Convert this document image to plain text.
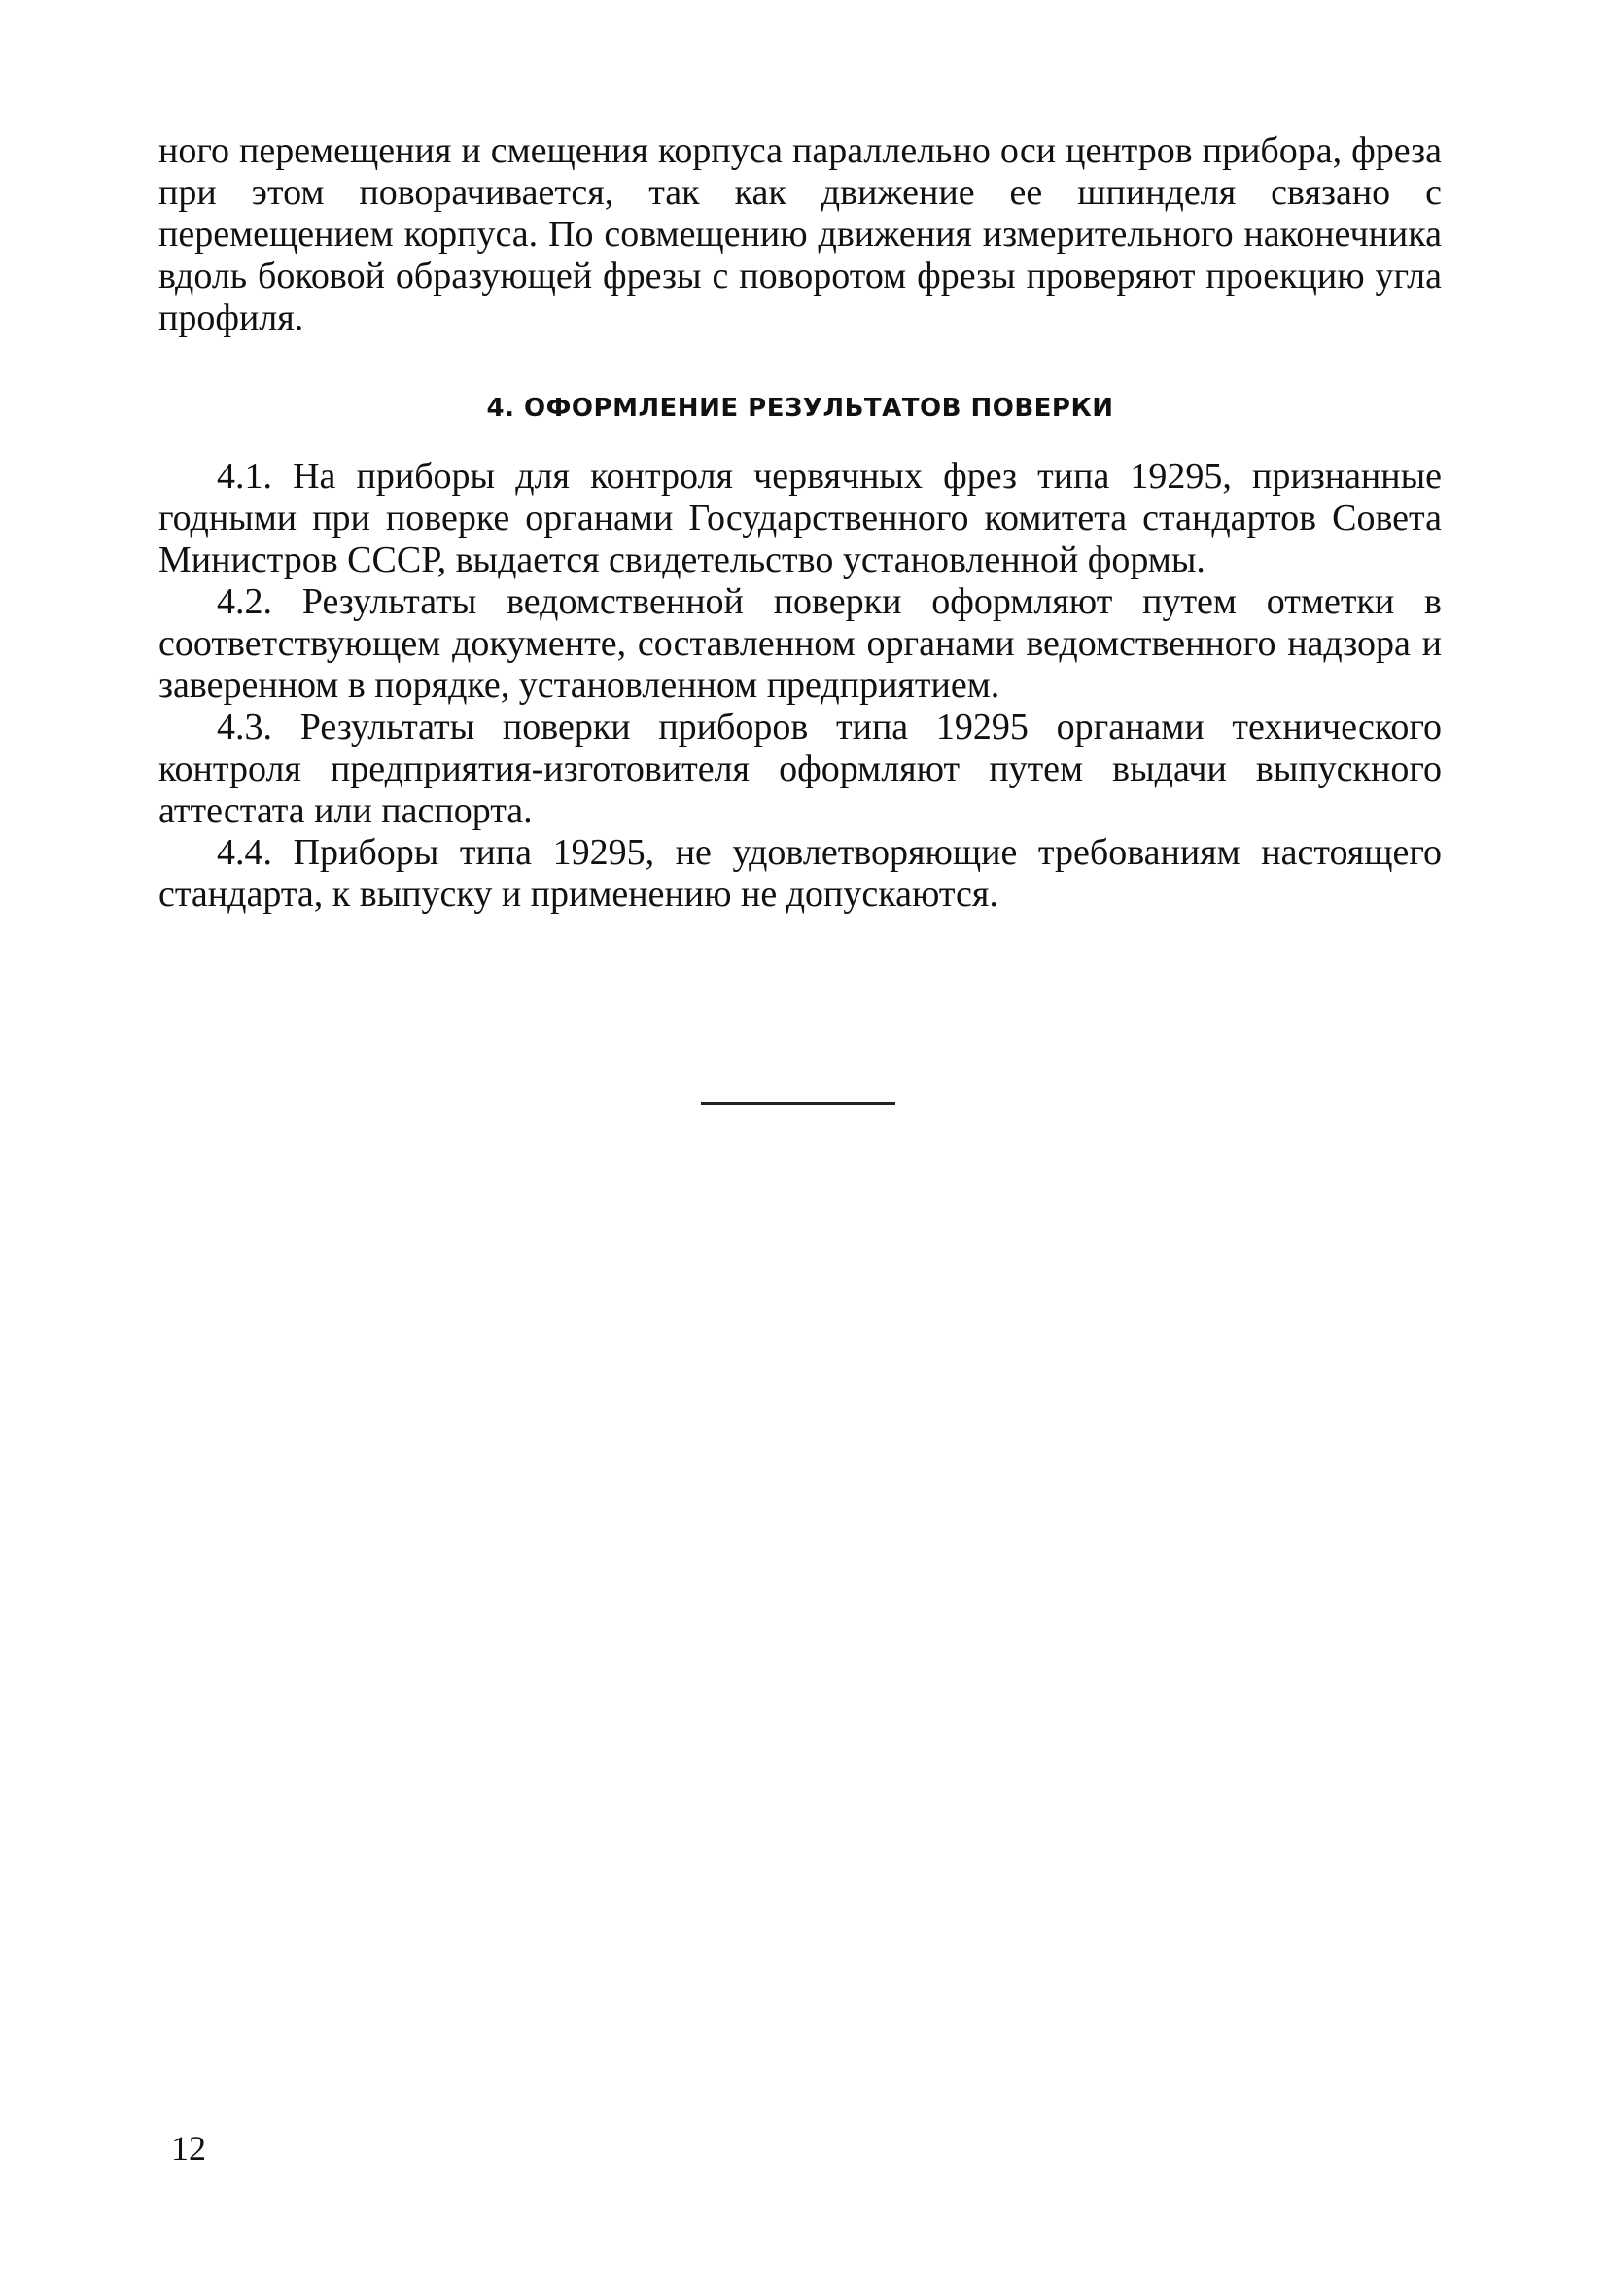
ного перемещения и смещения корпуса параллельно оси центров прибора, фреза при этом поворачивается, так как движение ее шпинделя связано с перемещением корпуса. По совмещению движения измерительного наконечника вдоль боковой образующей фрезы с поворотом фрезы проверяют проекцию угла профиля.

4. ОФОРМЛЕНИЕ РЕЗУЛЬТАТОВ ПОВЕРКИ

4.1. На приборы для контроля червячных фрез типа 19295, признанные годными при поверке органами Государственного комитета стандартов Совета Министров СССР, выдается свидетельство установленной формы.

4.2. Результаты ведомственной поверки оформляют путем отметки в соответствующем документе, составленном органами ведомственного надзора и заверенном в порядке, установленном предприятием.

4.3. Результаты поверки приборов типа 19295 органами технического контроля предприятия-изготовителя оформляют путем выдачи выпускного аттестата или паспорта.

4.4. Приборы типа 19295, не удовлетворяющие требованиям настоящего стандарта, к выпуску и применению не допускаются.

12
